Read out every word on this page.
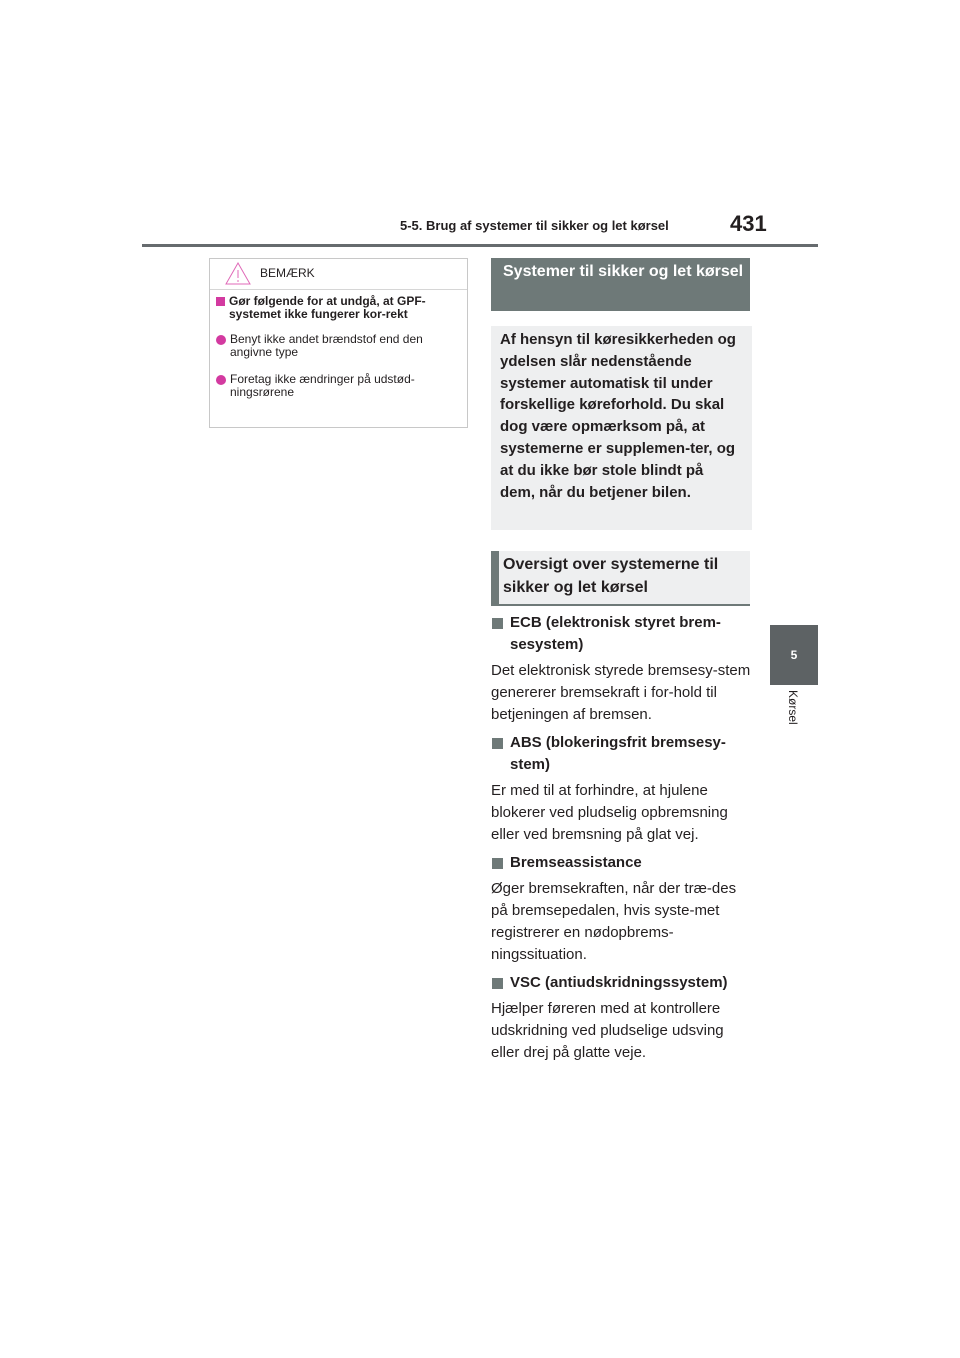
5-5. Brug af systemer til sikker og let kørsel	431
5
Kørsel
BEMÆRK
Gør følgende for at undgå, at GPF-systemet ikke fungerer kor-rekt
Benyt ikke andet brændstof end den angivne type
Foretag ikke ændringer på udstød-ningsrørene
Systemer til sikker og let kørsel
Af hensyn til køresikkerheden og ydelsen slår nedenstående systemer automatisk til under forskellige køreforhold. Du skal dog være opmærksom på, at systemerne er supplemen-ter, og at du ikke bør stole blindt på dem, når du betjener bilen.
Oversigt over systemerne til sikker og let kørsel
ECB (elektronisk styret brem-sesystem)
Det elektronisk styrede bremsesy-stem genererer bremsekraft i for-hold til betjeningen af bremsen.
ABS (blokeringsfrit bremsesy-stem)
Er med til at forhindre, at hjulene blokerer ved pludselig opbremsning eller ved bremsning på glat vej.
Bremseassistance
Øger bremsekraften, når der træ-des på bremsepedalen, hvis syste-met registrerer en nødopbrems-ningssituation.
VSC (antiudskridningssystem)
Hjælper føreren med at kontrollere udskridning ved pludselige udsving eller drej på glatte veje.
